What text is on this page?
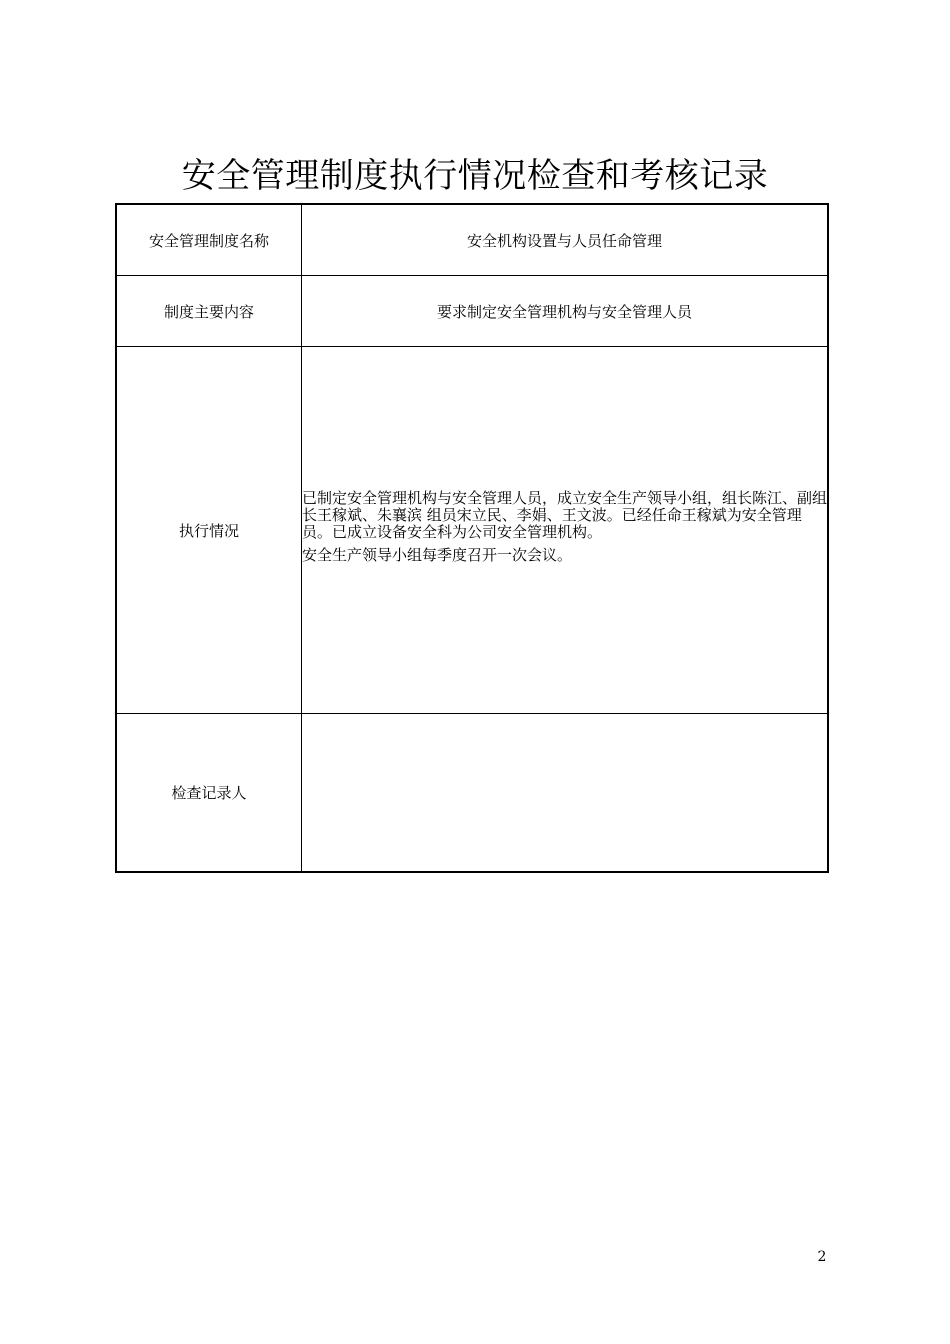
安全管理制度执行情况检查和考核记录
安全管理制度名称	安全机构设置与人员任命管理
制度主要内容	要求制定安全管理机构与安全管理人员
执行情况	已制定安全管理机构与安全管理人员，成立安全生产领导小组，组长陈江、副组长王稼斌、朱襄滨 组员宋立民、李娟、王文波。已经任命王稼斌为安全管理员。已成立设备安全科为公司安全管理机构。

安全生产领导小组每季度召开一次会议。

检查记录人	
2
